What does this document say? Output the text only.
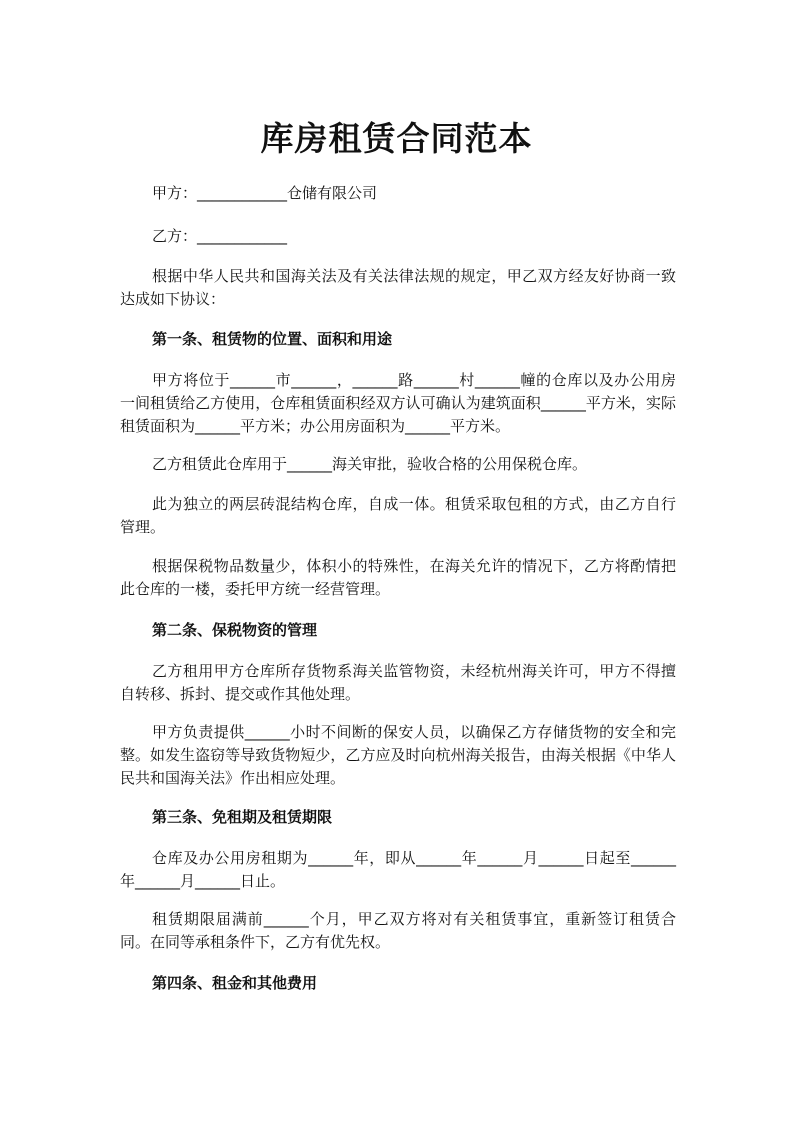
库房租赁合同范本

甲方：____________仓储有限公司

乙方：____________

根据中华人民共和国海关法及有关法律法规的规定，甲乙双方经友好协商一致达成如下协议：

第一条、租赁物的位置、面积和用途

甲方将位于______市______，______路______村______幢的仓库以及办公用房一间租赁给乙方使用，仓库租赁面积经双方认可确认为建筑面积______平方米，实际租赁面积为______平方米；办公用房面积为______平方米。

乙方租赁此仓库用于______海关审批，验收合格的公用保税仓库。

此为独立的两层砖混结构仓库，自成一体。租赁采取包租的方式，由乙方自行管理。

根据保税物品数量少，体积小的特殊性，在海关允许的情况下，乙方将酌情把此仓库的一楼，委托甲方统一经营管理。

第二条、保税物资的管理

乙方租用甲方仓库所存货物系海关监管物资，未经杭州海关许可，甲方不得擅自转移、拆封、提交或作其他处理。

甲方负责提供______小时不间断的保安人员，以确保乙方存储货物的安全和完整。如发生盗窃等导致货物短少，乙方应及时向杭州海关报告，由海关根据《中华人民共和国海关法》作出相应处理。

第三条、免租期及租赁期限

仓库及办公用房租期为______年，即从______年______月______日起至______年______月______日止。

租赁期限届满前______个月，甲乙双方将对有关租赁事宜，重新签订租赁合同。在同等承租条件下，乙方有优先权。

第四条、租金和其他费用
